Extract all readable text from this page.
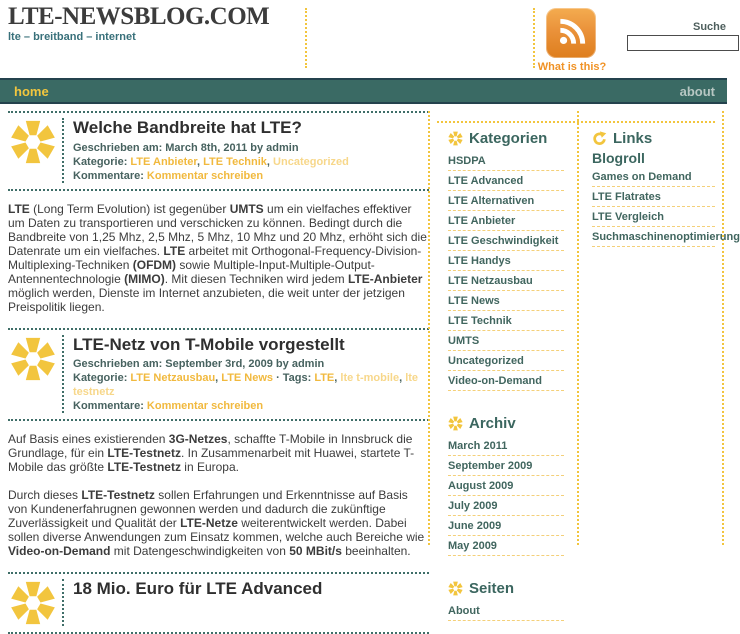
LTE-NEWSBLOG.COM
lte – breitband – internet
What is this?
Suche
home	about
Welche Bandbreite hat LTE?
Geschrieben am: March 8th, 2011 by admin
Kategorie: LTE Anbieter, LTE Technik, Uncategorized
Kommentare: Kommentar schreiben

LTE (Long Term Evolution) ist gegenüber UMTS um ein vielfaches effektiver um Daten zu transportieren und verschicken zu können. Bedingt durch die Bandbreite von 1,25 Mhz, 2,5 Mhz, 5 Mhz, 10 Mhz und 20 Mhz, erhöht sich die Datenrate um ein vielfaches. LTE arbeitet mit Orthogonal-Frequency-Division-Multiplexing-Techniken (OFDM) sowie Multiple-Input-Multiple-Output-Antennentechnologie (MIMO). Mit diesen Techniken wird jedem LTE-Anbieter möglich werden, Dienste im Internet anzubieten, die weit unter der jetzigen Preispolitik liegen.

LTE-Netz von T-Mobile vorgestellt
Geschrieben am: September 3rd, 2009 by admin
Kategorie: LTE Netzausbau, LTE News · Tags: LTE, lte t-mobile, lte testnetz
Kommentare: Kommentar schreiben

Auf Basis eines existierenden 3G-Netzes, schaffte T-Mobile in Innsbruck die Grundlage, für ein LTE-Testnetz. In Zusammenarbeit mit Huawei, startete T-Mobile das größte LTE-Testnetz in Europa.

Durch dieses LTE-Testnetz sollen Erfahrungen und Erkenntnisse auf Basis von Kundenerfahrugnen gewonnen werden und dadurch die zukünftige Zuverlässigkeit und Qualität der LTE-Netze weiterentwickelt werden. Dabei sollen diverse Anwendungen zum Einsatz kommen, welche auch Bereiche wie Video-on-Demand mit Datengeschwindigkeiten von 50 MBit/s beeinhalten.

18 Mio. Euro für LTE Advanced
Kategorien
HSDPA
LTE Advanced
LTE Alternativen
LTE Anbieter
LTE Geschwindigkeit
LTE Handys
LTE Netzausbau
LTE News
LTE Technik
UMTS
Uncategorized
Video-on-Demand
Archiv
March 2011
September 2009
August 2009
July 2009
June 2009
May 2009
Seiten
About
Links
Blogroll
Games on Demand
LTE Flatrates
LTE Vergleich
Suchmaschinenoptimierung
